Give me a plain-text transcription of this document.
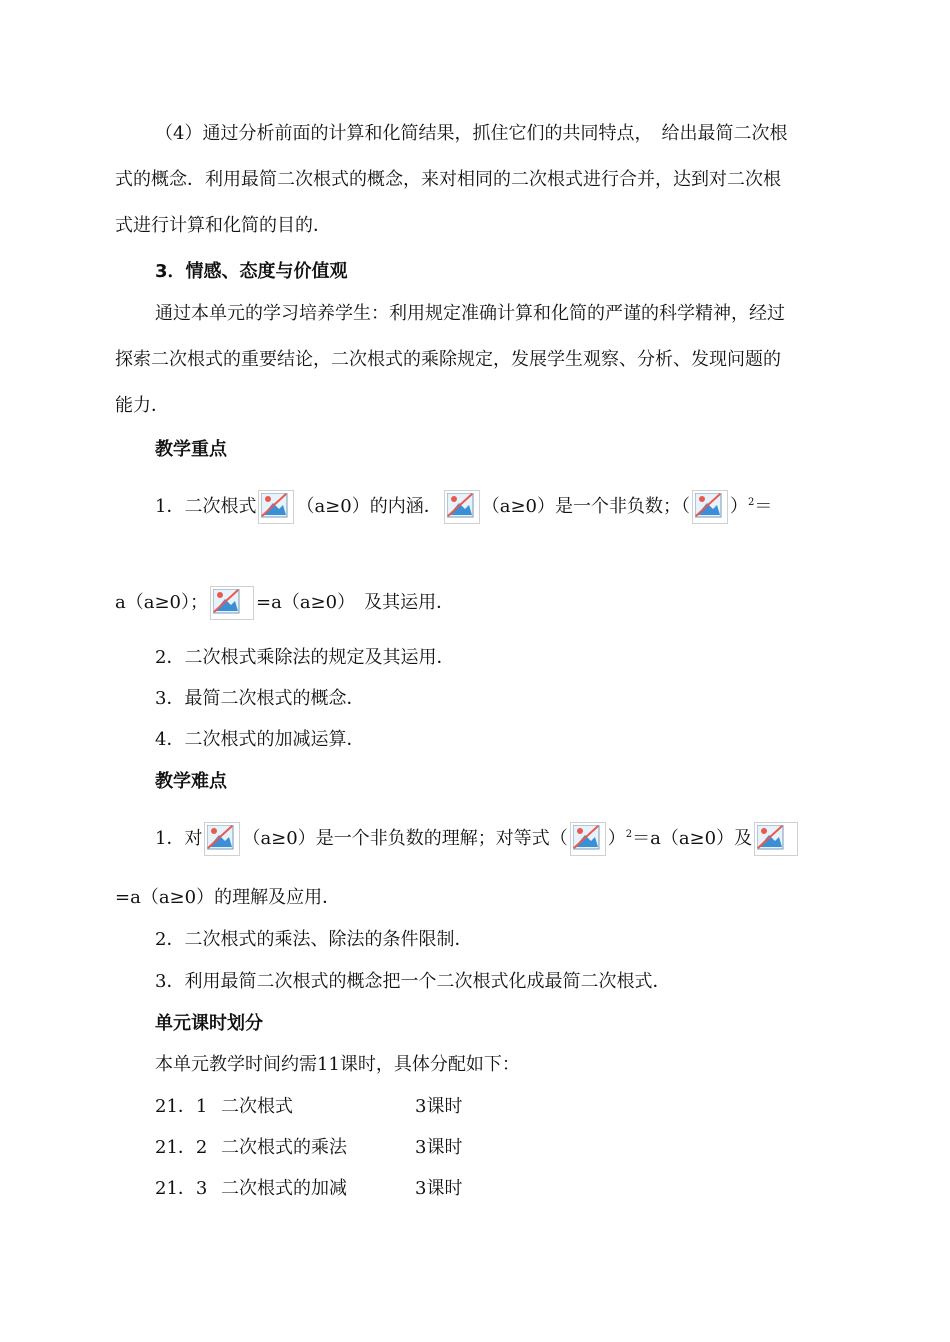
（4）通过分析前面的计算和化简结果，抓住它们的共同特点，　给出最简二次根
式的概念．利用最简二次根式的概念，来对相同的二次根式进行合并，达到对二次根
式进行计算和化简的目的．
3．情感、态度与价值观
通过本单元的学习培养学生：利用规定准确计算和化简的严谨的科学精神，经过
探索二次根式的重要结论，二次根式的乘除规定，发展学生观察、分析、发现问题的
能力．
教学重点
1．二次根式 （a≥0）的内涵． （a≥0）是一个非负数；（ ）$^2$＝
a（a≥0）；	=a（a≥0）　及其运用．
2．二次根式乘除法的规定及其运用．
3．最简二次根式的概念．
4．二次根式的加减运算．
教学难点
1．对 （a≥0）是一个非负数的理解；对等式（ ）$^2$＝a（a≥0）及
=a（a≥0）的理解及应用．
2．二次根式的乘法、除法的条件限制．
3．利用最简二次根式的概念把一个二次根式化成最简二次根式．
单元课时划分
本单元教学时间约需11课时，具体分配如下：
21．1 二次根式	3课时
21．2 二次根式的乘法	3课时
21．3 二次根式的加减	3课时
